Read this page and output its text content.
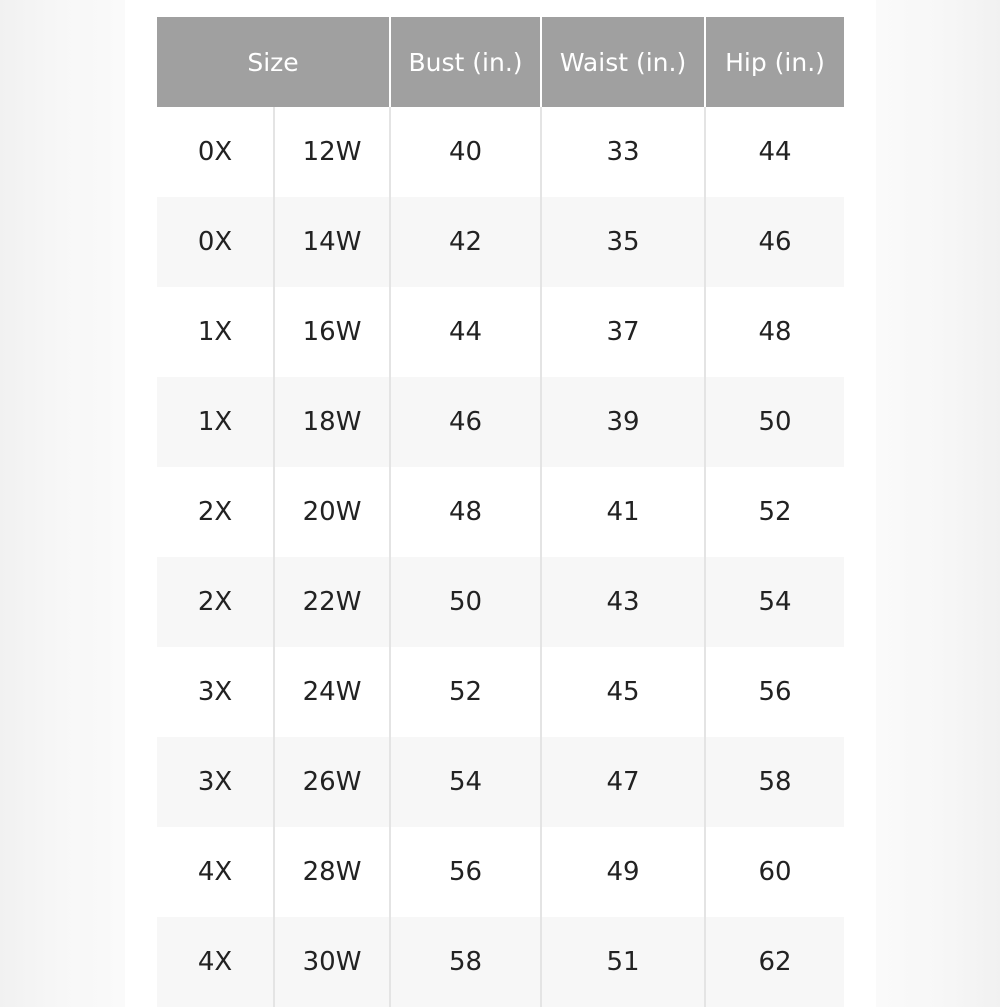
Size		Bust (in.)	Waist (in.)	Hip (in.)
0X	12W	40	33	44
0X	14W	42	35	46
1X	16W	44	37	48
1X	18W	46	39	50
2X	20W	48	41	52
2X	22W	50	43	54
3X	24W	52	45	56
3X	26W	54	47	58
4X	28W	56	49	60
4X	30W	58	51	62
